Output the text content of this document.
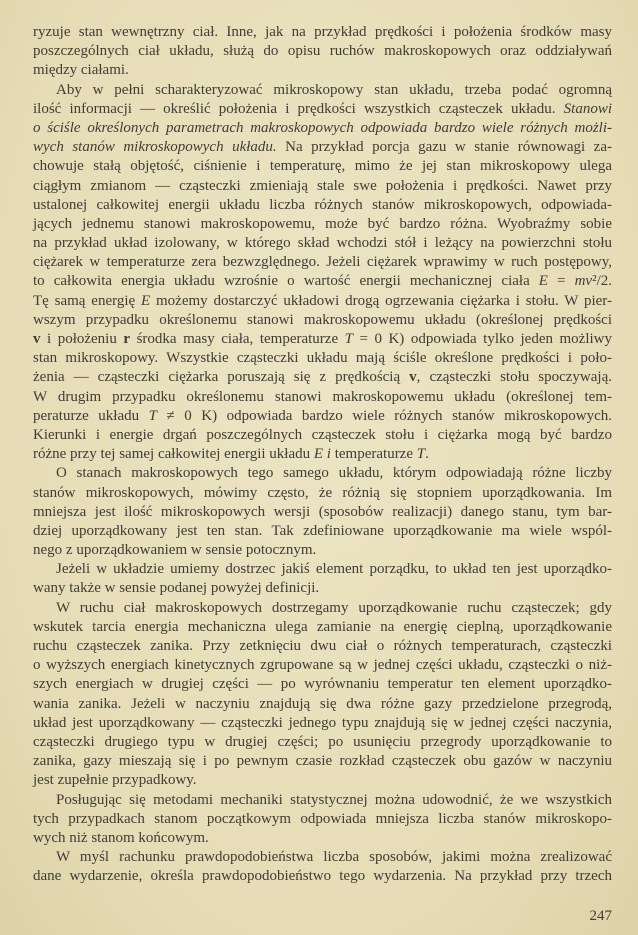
ryzuje stan wewnętrzny ciał. Inne, jak na przykład prędkości i położenia środków masy
poszczególnych ciał układu, służą do opisu ruchów makroskopowych oraz oddziaływań
między ciałami.
Aby w pełni scharakteryzować mikroskopowy stan układu, trzeba podać ogromną
ilość informacji — określić położenia i prędkości wszystkich cząsteczek układu. Stanowi
o ściśle określonych parametrach makroskopowych odpowiada bardzo wiele różnych możli-
wych stanów mikroskopowych układu. Na przykład porcja gazu w stanie równowagi za-
chowuje stałą objętość, ciśnienie i temperaturę, mimo że jej stan mikroskopowy ulega
ciągłym zmianom — cząsteczki zmieniają stale swe położenia i prędkości. Nawet przy
ustalonej całkowitej energii układu liczba różnych stanów mikroskopowych, odpowiada-
jących jednemu stanowi makroskopowemu, może być bardzo różna. Wyobraźmy sobie
na przykład układ izolowany, w którego skład wchodzi stół i leżący na powierzchni stołu
ciężarek w temperaturze zera bezwzględnego. Jeżeli ciężarek wprawimy w ruch postępowy,
to całkowita energia układu wzrośnie o wartość energii mechanicznej ciała E = mv²/2.
Tę samą energię E możemy dostarczyć układowi drogą ogrzewania ciężarka i stołu. W pier-
wszym przypadku określonemu stanowi makroskopowemu układu (określonej prędkości
v i położeniu r środka masy ciała, temperaturze T = 0 K) odpowiada tylko jeden możliwy
stan mikroskopowy. Wszystkie cząsteczki układu mają ściśle określone prędkości i poło-
żenia — cząsteczki ciężarka poruszają się z prędkością v, cząsteczki stołu spoczywają.
W drugim przypadku określonemu stanowi makroskopowemu układu (określonej tem-
peraturze układu T ≠ 0 K) odpowiada bardzo wiele różnych stanów mikroskopowych.
Kierunki i energie drgań poszczególnych cząsteczek stołu i ciężarka mogą być bardzo
różne przy tej samej całkowitej energii układu E i temperaturze T.
O stanach makroskopowych tego samego układu, którym odpowiadają różne liczby
stanów mikroskopowych, mówimy często, że różnią się stopniem uporządkowania. Im
mniejsza jest ilość mikroskopowych wersji (sposobów realizacji) danego stanu, tym bar-
dziej uporządkowany jest ten stan. Tak zdefiniowane uporządkowanie ma wiele wspól-
nego z uporządkowaniem w sensie potocznym.
Jeżeli w układzie umiemy dostrzec jakiś element porządku, to układ ten jest uporządko-
wany także w sensie podanej powyżej definicji.
W ruchu ciał makroskopowych dostrzegamy uporządkowanie ruchu cząsteczek; gdy
wskutek tarcia energia mechaniczna ulega zamianie na energię cieplną, uporządkowanie
ruchu cząsteczek zanika. Przy zetknięciu dwu ciał o różnych temperaturach, cząsteczki
o wyższych energiach kinetycznych zgrupowane są w jednej części układu, cząsteczki o niż-
szych energiach w drugiej części — po wyrównaniu temperatur ten element uporządko-
wania zanika. Jeżeli w naczyniu znajdują się dwa różne gazy przedzielone przegrodą,
układ jest uporządkowany — cząsteczki jednego typu znajdują się w jednej części naczynia,
cząsteczki drugiego typu w drugiej części; po usunięciu przegrody uporządkowanie to
zanika, gazy mieszają się i po pewnym czasie rozkład cząsteczek obu gazów w naczyniu
jest zupełnie przypadkowy.
Posługując się metodami mechaniki statystycznej można udowodnić, że we wszystkich
tych przypadkach stanom początkowym odpowiada mniejsza liczba stanów mikroskopo-
wych niż stanom końcowym.
W myśl rachunku prawdopodobieństwa liczba sposobów, jakimi można zrealizować
dane wydarzenie, określa prawdopodobieństwo tego wydarzenia. Na przykład przy trzech
247
